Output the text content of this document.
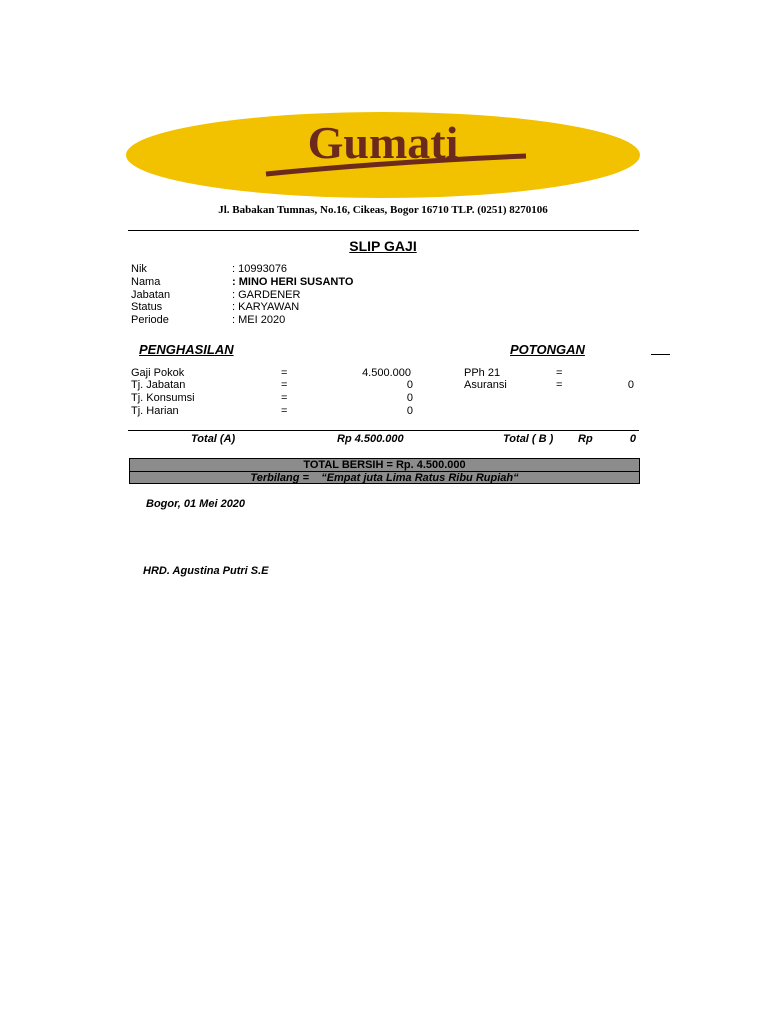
Gumati
Jl. Babakan Tumnas, No.16, Cikeas, Bogor 16710 TLP. (0251) 8270106
SLIP GAJI
Nik	: 10993076
Nama	: MINO HERI SUSANTO
Jabatan	: GARDENER
Status	: KARYAWAN
Periode	: MEI 2020
PENGHASILAN	POTONGAN
Gaji Pokok	=	4.500.000
Tj. Jabatan	=	0
Tj. Konsumsi	=	0
Tj. Harian	=	0
PPh 21	=
Asuransi	=	0
Total (A)	Rp 4.500.000	Total ( B ) Rp	0
TOTAL BERSIH = Rp. 4.500.000
Terbilang =    “Empat juta Lima Ratus Ribu Rupiah“
Bogor, 01 Mei 2020
HRD. Agustina Putri S.E
